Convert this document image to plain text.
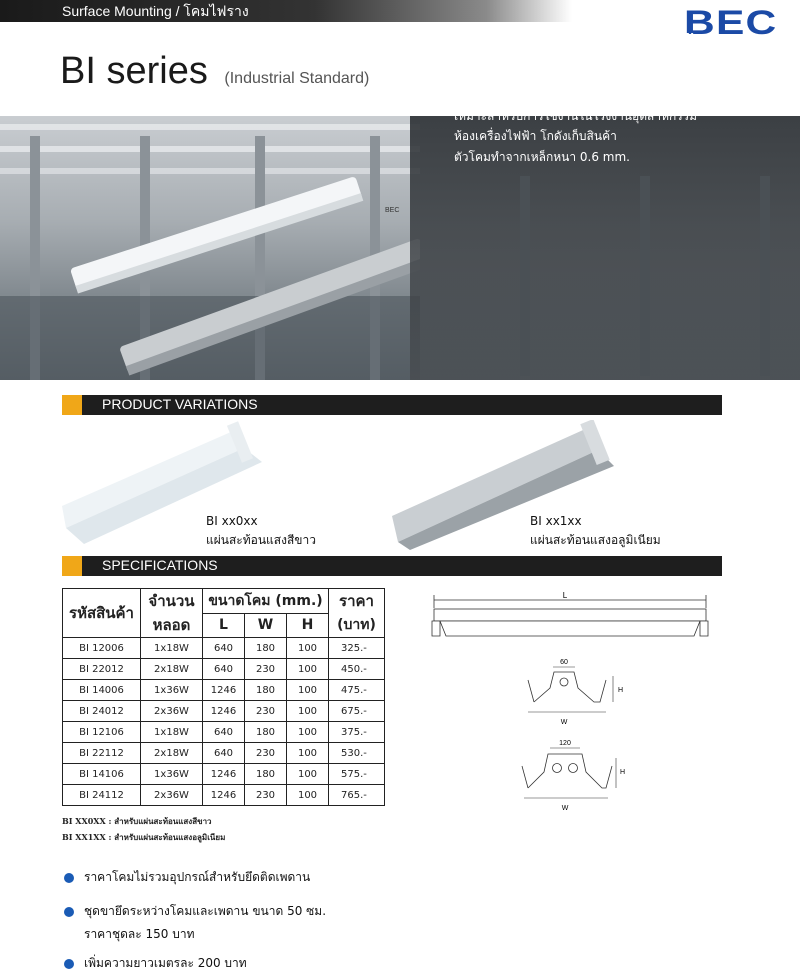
Surface Mounting / โคมไฟราง	BEC
BI series (Industrial Standard)
BEC
โคมไฟโรงงาน (Industrial Standard)
โคมรางติดลอยพร้อมแผ่นสะท้อนแสง
ช่วยในการบังคับแสงไปยังพื้นที่ใช้งาน
เหมาะสำหรับการใช้งานในโรงงานอุตสาหกรรม
ห้องเครื่องไฟฟ้า โกดังเก็บสินค้า
ตัวโคมทำจากเหล็กหนา 0.6 mm.
PRODUCT VARIATIONS
BI xx0xx
แผ่นสะท้อนแสงสีขาว
BI xx1xx
แผ่นสะท้อนแสงอลูมิเนียม
SPECIFICATIONS
รหัสสินค้า	จำนวน	ขนาดโคม (mm.)			ราคา
	หลอด	L	W	H	(บาท)
BI 12006	1x18W	640	180	100	325.-
BI 22012	2x18W	640	230	100	450.-
BI 14006	1x36W	1246	180	100	475.-
BI 24012	2x36W	1246	230	100	675.-
BI 12106	1x18W	640	180	100	375.-
BI 22112	2x18W	640	230	100	530.-
BI 14106	1x36W	1246	180	100	575.-
BI 24112	2x36W	1246	230	100	765.-
BI XX0XX : สำหรับแผ่นสะท้อนแสงสีขาว
BI XX1XX : สำหรับแผ่นสะท้อนแสงอลูมิเนียม
L
60
H
W
120
H
W
ราคาโคมไม่รวมอุปกรณ์สำหรับยึดติดเพดาน
ชุดขายึดระหว่างโคมและเพดาน ขนาด 50 ซม.
ราคาชุดละ 150 บาท
เพิ่มความยาวเมตรละ 200 บาท
